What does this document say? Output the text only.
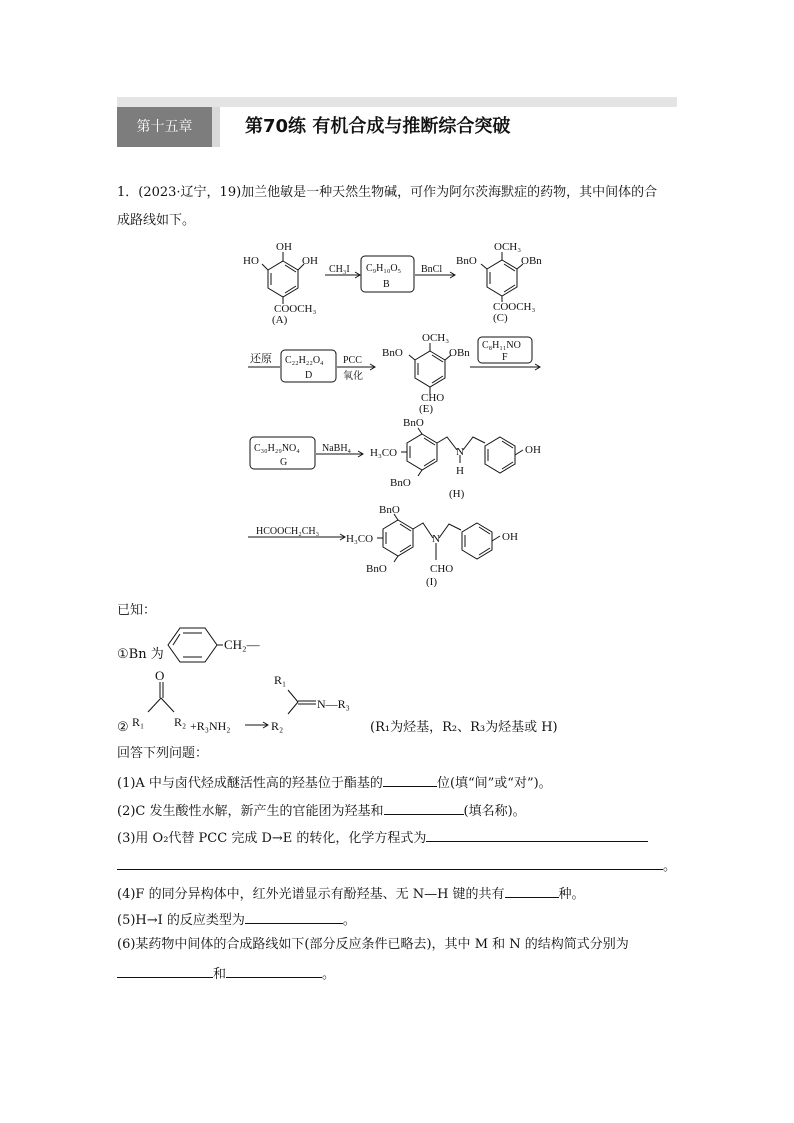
第十五章	第70练 有机合成与推断综合突破
1．(2023·辽宁，19)加兰他敏是一种天然生物碱，可作为阿尔茨海默症的药物，其中间体的合
成路线如下。
OH
HO	OH
COOCH₃
(A)
CH₃I C₉H₁₀O₅
B
BnCl
OCH₃
BnO	OBn
COOCH₃
(C)
还原 C₂₂H₂₂O₄
D
PCC
氧化
OCH₃
BnO	OBn
CHO
(E)
C₈H₁₁NO
F
C₃₀H₂₉NO₄
G
NaBH₄
BnO
H₃CO
BnO
N
H
OH
(H)
HCOOCH₂CH₃
BnO
H₃CO
BnO
N
CHO
OH
(I)
已知：
①Bn 为
CH₂—
②
O
R₁ R₂ +R₃NH₂
R₁
R₂
N—R₃
(R₁为烃基，R₂、R₃为烃基或 H)
回答下列问题：
(1)A 中与卤代烃成醚活性高的羟基位于酯基的	位(填“间”或“对”)。
(2)C 发生酸性水解，新产生的官能团为羟基和	(填名称)。
(3)用 O₂代替 PCC 完成 D→E 的转化，化学方程式为
。
(4)F 的同分异构体中，红外光谱显示有酚羟基、无 N—H 键的共有	种。
(5)H→I 的反应类型为	。
(6)某药物中间体的合成路线如下(部分反应条件已略去)，其中 M 和 N 的结构简式分别为
和	。
